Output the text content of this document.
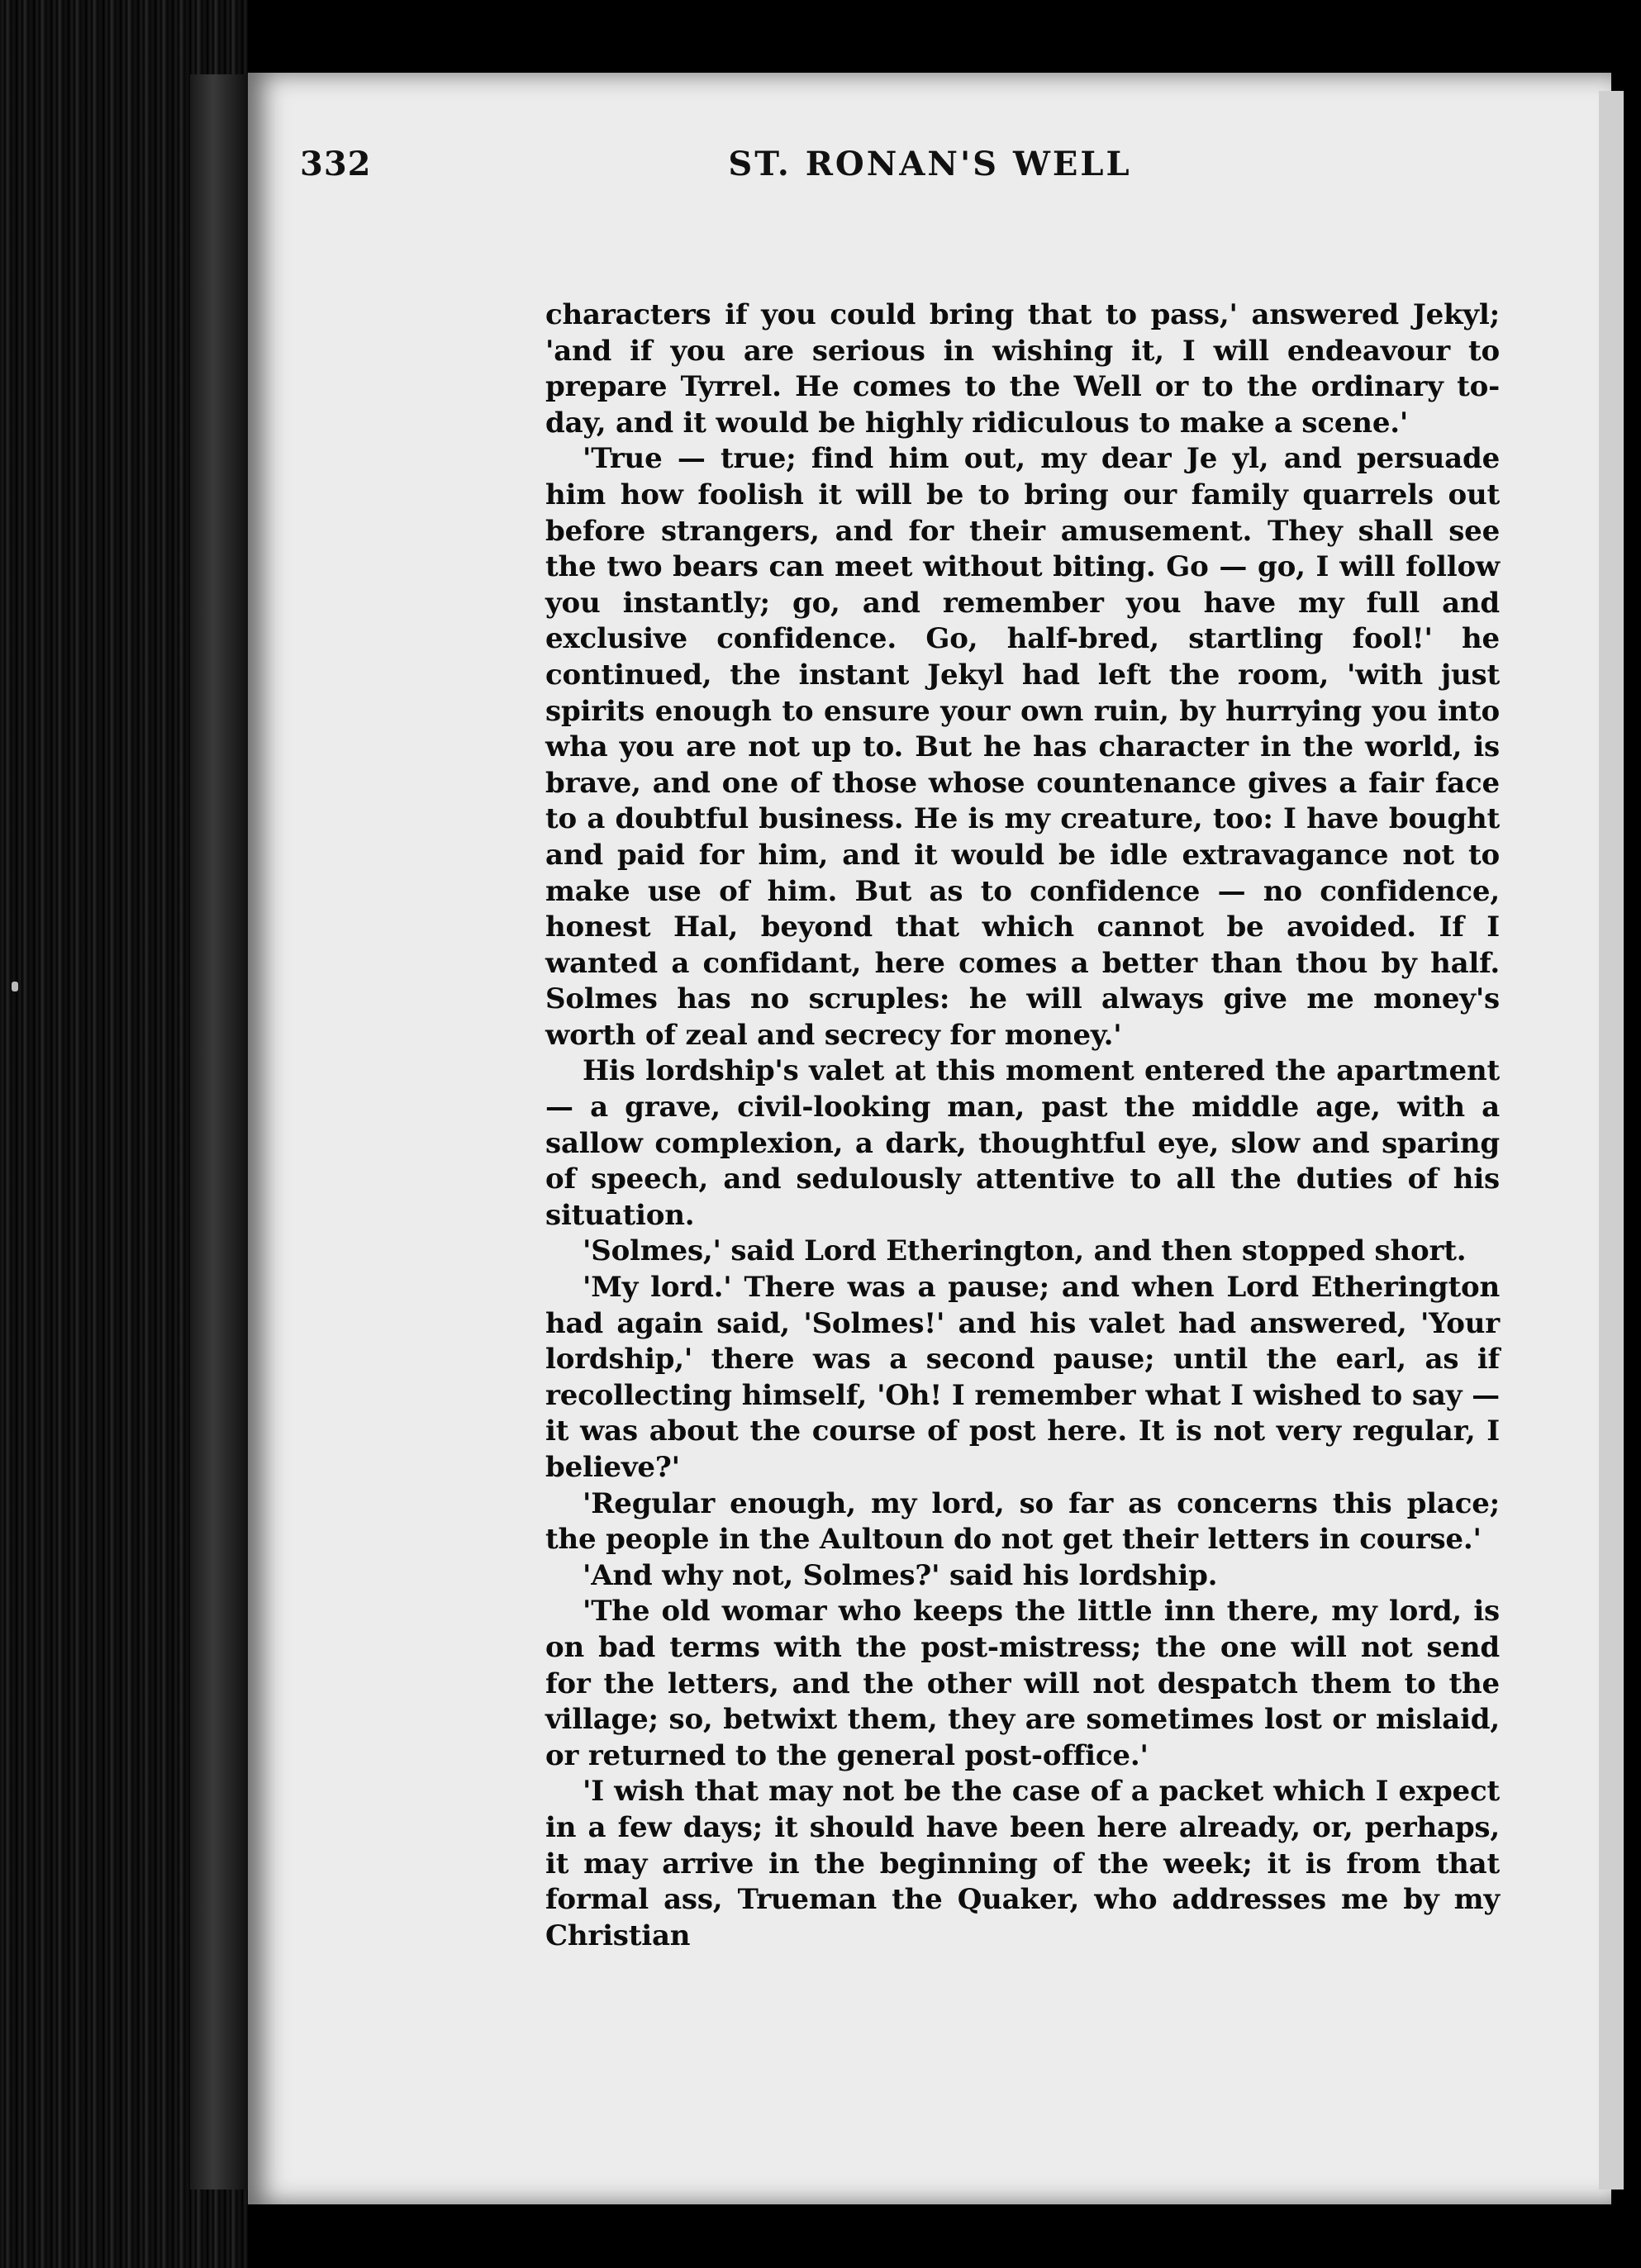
332	ST. RONAN'S WELL

characters if you could bring that to pass,' answered Jekyl; 'and if you are serious in wishing it, I will endeavour to prepare Tyrrel. He comes to the Well or to the ordinary to-day, and it would be highly ridiculous to make a scene.'

'True — true; find him out, my dear Je yl, and persuade him how foolish it will be to bring our family quarrels out before strangers, and for their amusement. They shall see the two bears can meet without biting. Go — go, I will follow you instantly; go, and remember you have my full and exclusive confidence. Go, half-bred, startling fool!' he continued, the instant Jekyl had left the room, 'with just spirits enough to ensure your own ruin, by hurrying you into wha you are not up to. But he has character in the world, is brave, and one of those whose countenance gives a fair face to a doubtful business. He is my creature, too: I have bought and paid for him, and it would be idle extravagance not to make use of him. But as to confidence — no confidence, honest Hal, beyond that which cannot be avoided. If I wanted a confidant, here comes a better than thou by half. Solmes has no scruples: he will always give me money's worth of zeal and secrecy for money.'

His lordship's valet at this moment entered the apartment — a grave, civil-looking man, past the middle age, with a sallow complexion, a dark, thoughtful eye, slow and sparing of speech, and sedulously attentive to all the duties of his situation.

'Solmes,' said Lord Etherington, and then stopped short.

'My lord.' There was a pause; and when Lord Etherington had again said, 'Solmes!' and his valet had answered, 'Your lordship,' there was a second pause; until the earl, as if recollecting himself, 'Oh! I remember what I wished to say — it was about the course of post here. It is not very regular, I believe?'

'Regular enough, my lord, so far as concerns this place; the people in the Aultoun do not get their letters in course.'

'And why not, Solmes?' said his lordship.

'The old womar who keeps the little inn there, my lord, is on bad terms with the post-mistress; the one will not send for the letters, and the other will not despatch them to the village; so, betwixt them, they are sometimes lost or mislaid, or returned to the general post-office.'

'I wish that may not be the case of a packet which I expect in a few days; it should have been here already, or, perhaps, it may arrive in the beginning of the week; it is from that formal ass, Trueman the Quaker, who addresses me by my Christian
